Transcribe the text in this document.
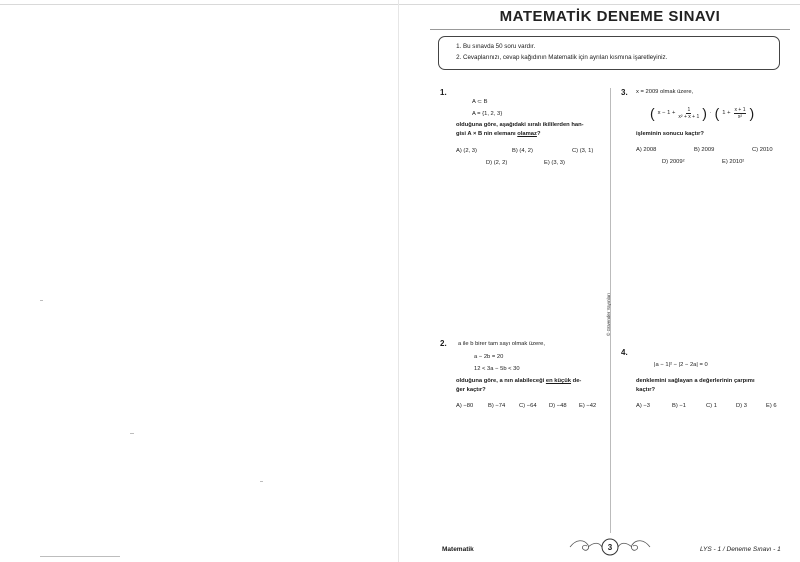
MATEMATİK DENEME SINAVI
1. Bu sınavda 50 soru vardır.
2. Cevaplarınızı, cevap kağıdının Matematik için ayrılan kısmına işaretleyiniz.
© Güvender Yayınları
1.
A ⊂ B
A = {1, 2, 3}
olduğuna göre, aşağıdaki sıralı ikililerden han-
gisi A × B nin elemanı olamaz?
A) (2, 3)	B) (4, 2)	C) (3, 1)
D) (2, 2)	E) (3, 3)
2. a ile b birer tam sayı olmak üzere,
a − 2b = 20
12 < 3a − 5b < 30
olduğuna göre, a nın alabileceği en küçük de-
ğer kaçtır?
A) −80	B) −74 C) −64 D) −48 E) −42
3. x = 2009 olmak üzere,
( $x - 1 + \frac{1}{\text{x² + x + 1}}$ ) · ( $1 + \frac{x + 1}{\text{x²}}$ )
işleminin sonucu kaçtır?
A) 2008	B) 2009	C) 2010
D) 2009²	E) 2010²
4.
|a − 1|² − |2 − 2a| = 0
denklemini sağlayan a değerlerinin çarpımı
kaçtır?
A) −3	B) −1	C) 1	D) 3	E) 6
Matematik	3	LYS - 1 / Deneme Sınavı - 1
